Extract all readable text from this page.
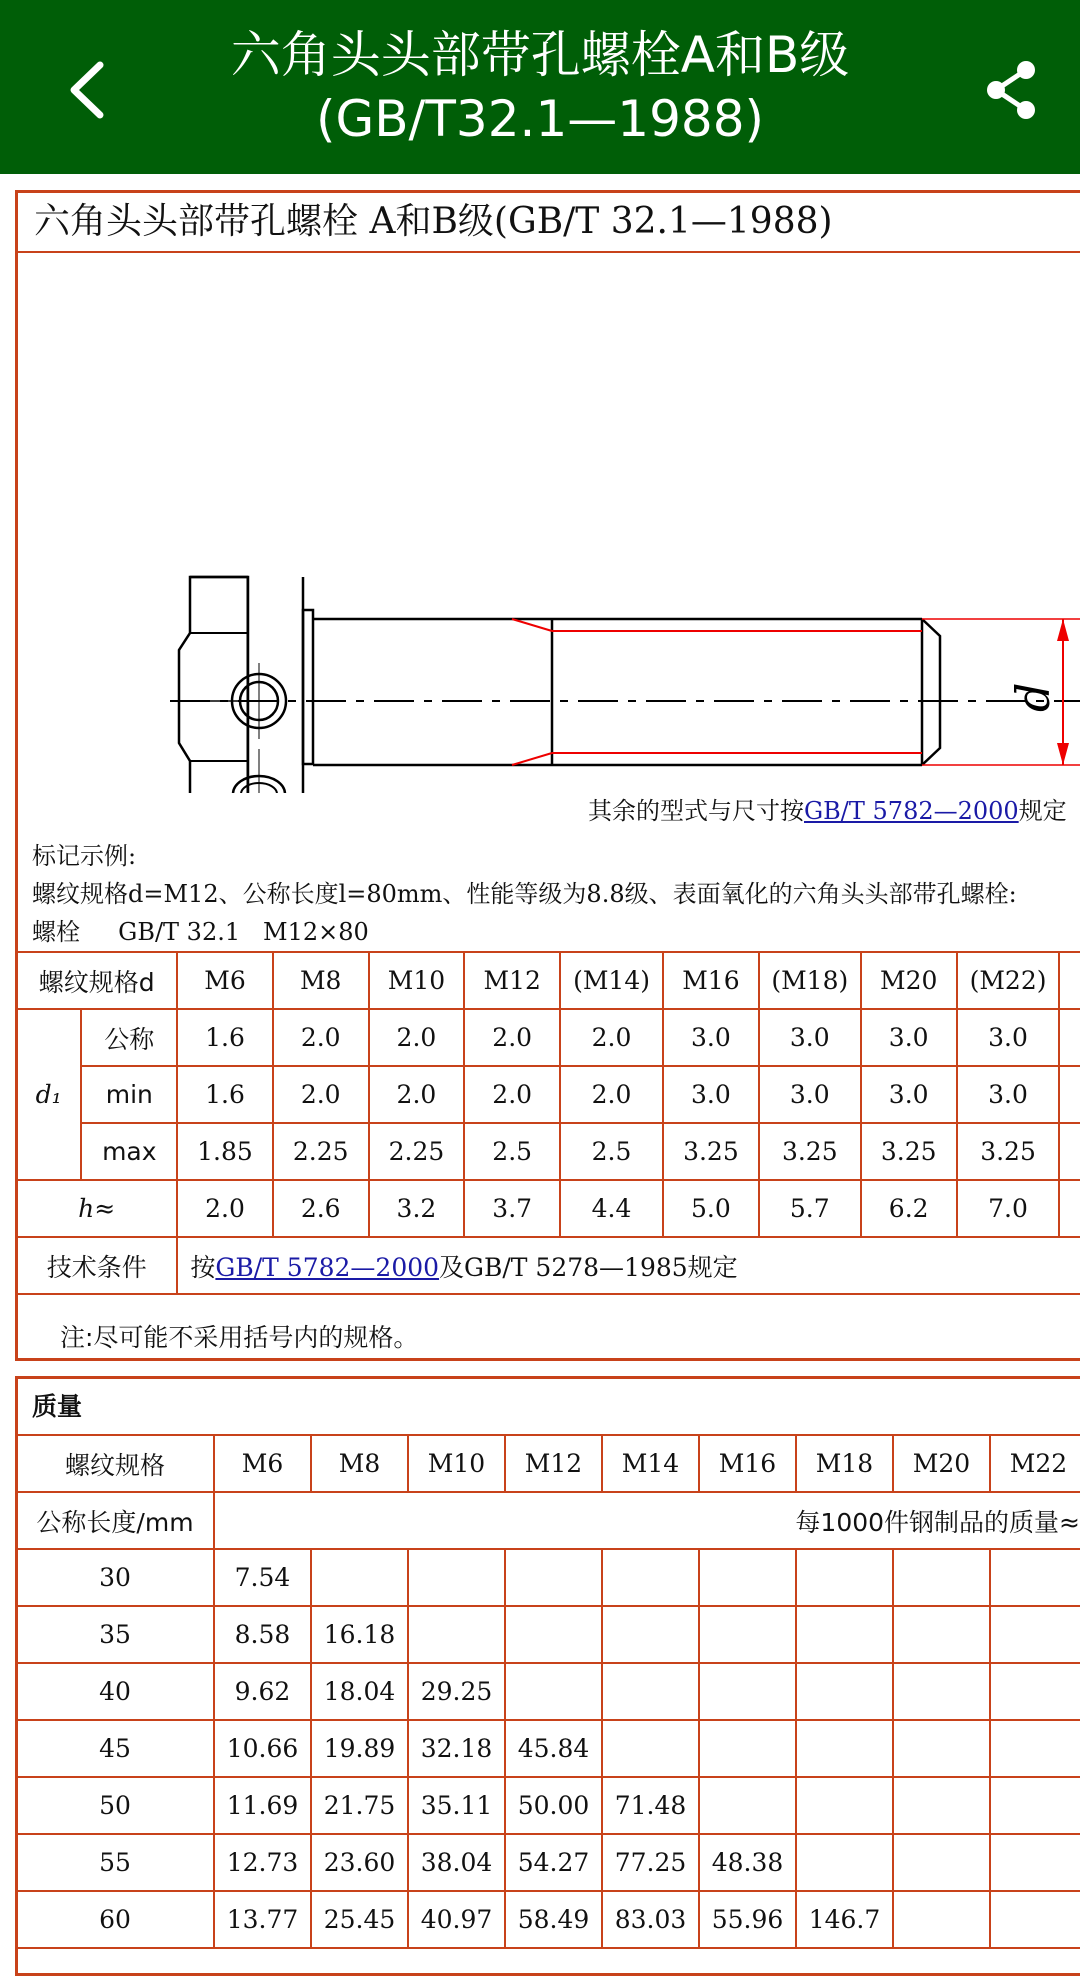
六角头头部带孔螺栓A和B级(GB/T32.1—1988)
六角头头部带孔螺栓 A和B级(GB/T 32.1—1988)
d
其余的型式与尺寸按GB/T 5782—2000规定
标记示例:
螺纹规格d=M12、公称长度l=80mm、性能等级为8.8级、表面氧化的六角头头部带孔螺栓:
螺栓     GB/T 32.1   M12×80
螺纹规格d		M6	M8	M10	M12	(M14)	M16	(M18)	M20	(M22)	
d₁	公称	1.6	2.0	2.0	2.0	2.0	3.0	3.0	3.0	3.0	
	min	1.6	2.0	2.0	2.0	2.0	3.0	3.0	3.0	3.0	
	max	1.85	2.25	2.25	2.5	2.5	3.25	3.25	3.25	3.25	
h≈		2.0	2.6	3.2	3.7	4.4	5.0	5.7	6.2	7.0	
技术条件		按GB/T 5782—2000及GB/T 5278—1985规定									
注:尽可能不采用括号内的规格。
质量
螺纹规格	M6	M8	M10	M12	M14	M16	M18	M20	M22
公称长度/mm	每1000件钢制品的质量≈								
30	7.54								
35	8.58	16.18							
40	9.62	18.04	29.25						
45	10.66	19.89	32.18	45.84					
50	11.69	21.75	35.11	50.00	71.48				
55	12.73	23.60	38.04	54.27	77.25	48.38			
60	13.77	25.45	40.97	58.49	83.03	55.96	146.7		
